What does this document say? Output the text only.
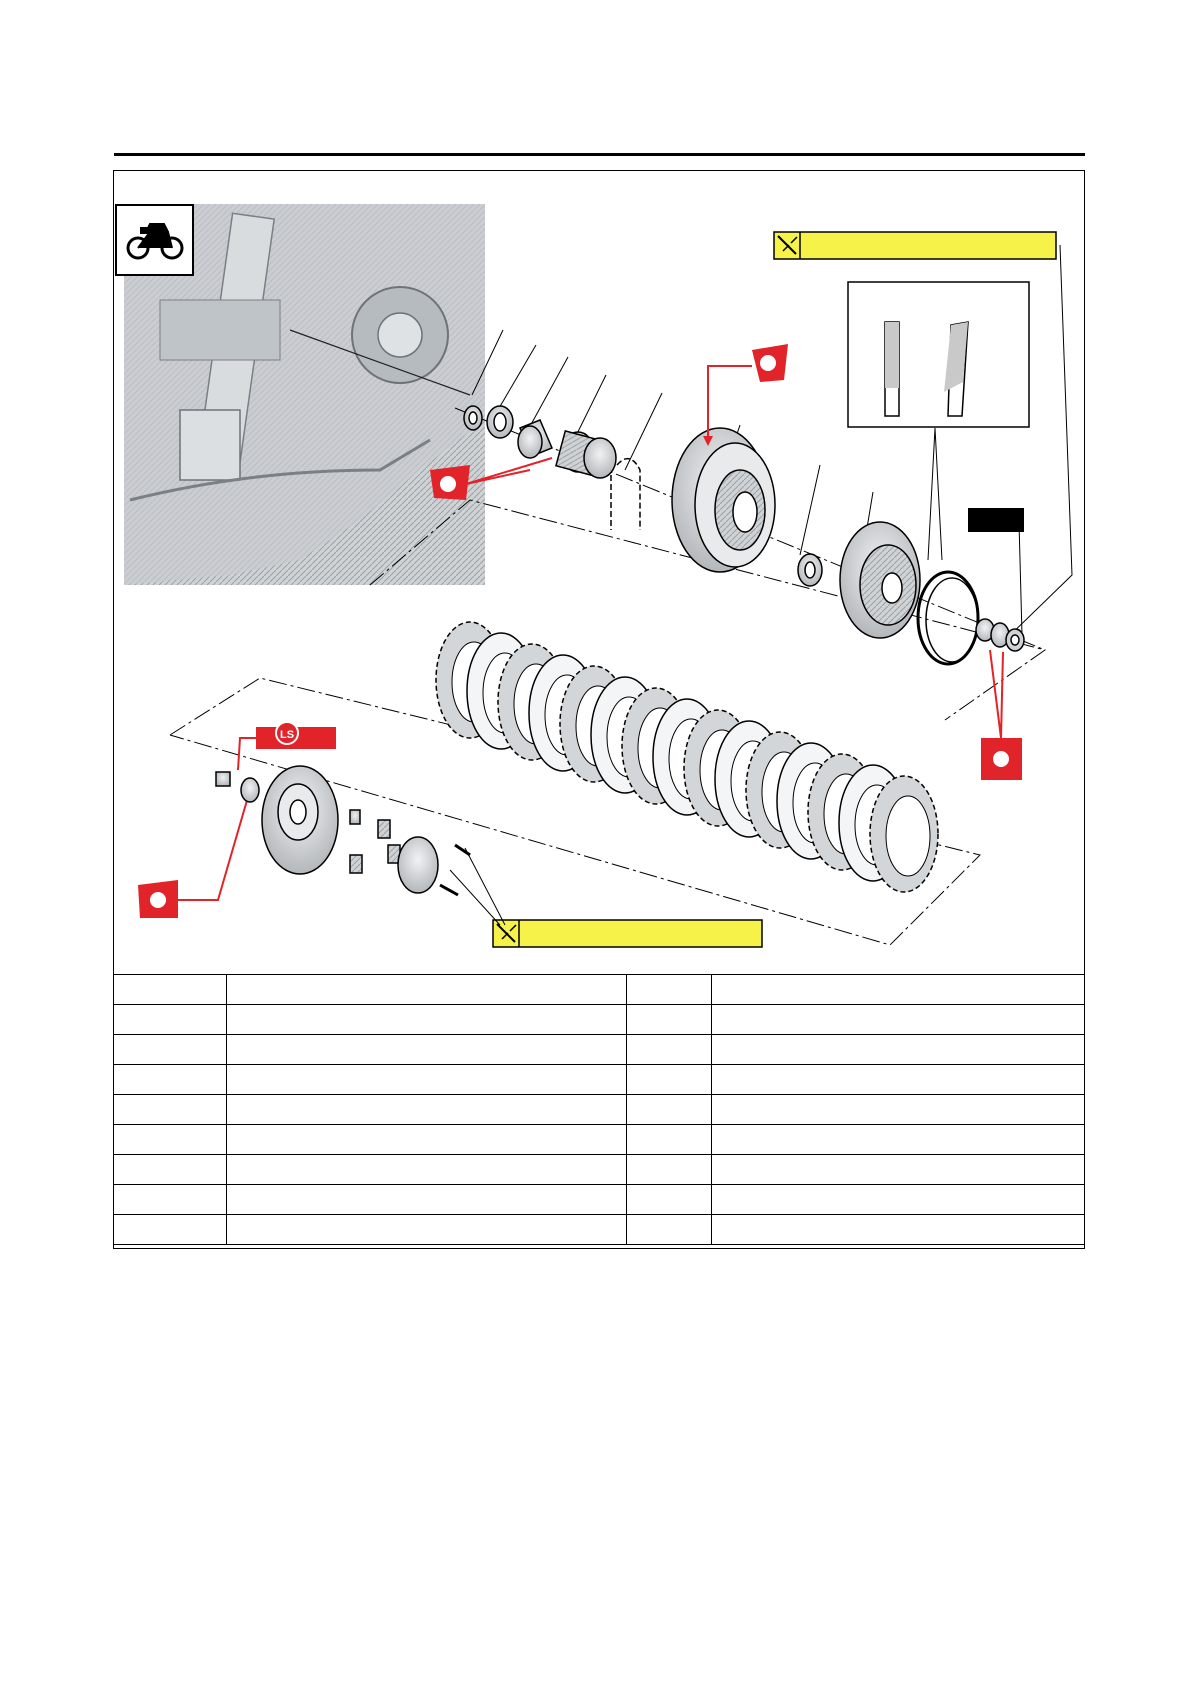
LS
